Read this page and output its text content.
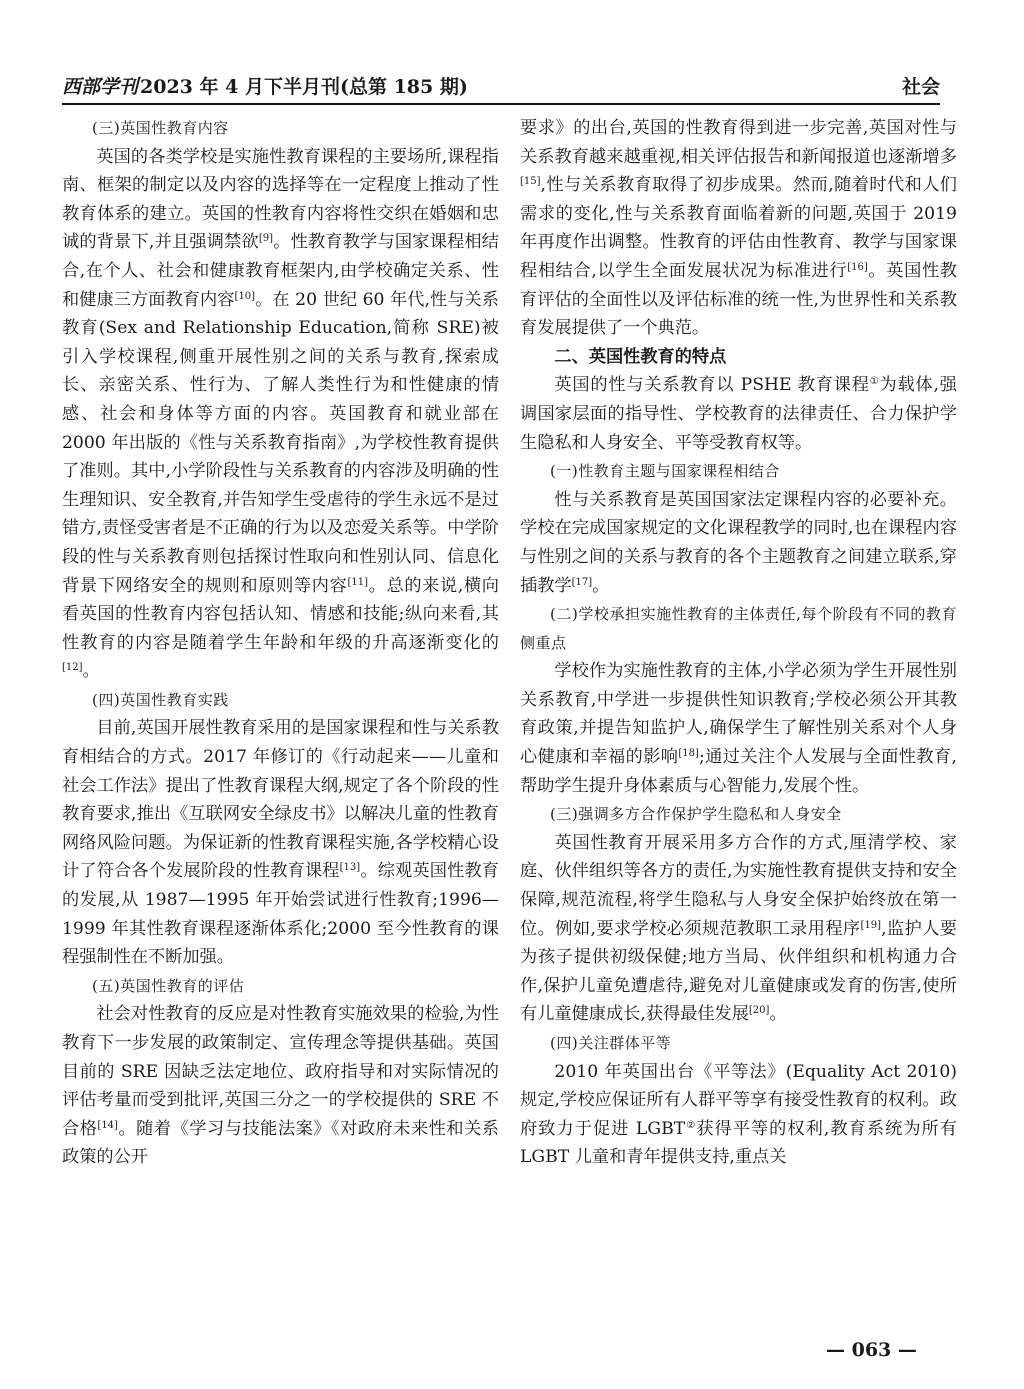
西部学刊 2023 年 4 月下半月刊(总第 185 期)	社会

(三)英国性教育内容

英国的各类学校是实施性教育课程的主要场所,课程指南、框架的制定以及内容的选择等在一定程度上推动了性教育体系的建立。英国的性教育内容将性交织在婚姻和忠诚的背景下,并且强调禁欲[9]。性教育教学与国家课程相结合,在个人、社会和健康教育框架内,由学校确定关系、性和健康三方面教育内容[10]。在 20 世纪 60 年代,性与关系教育(Sex and Relationship Education,简称 SRE)被引入学校课程,侧重开展性别之间的关系与教育,探索成长、亲密关系、性行为、了解人类性行为和性健康的情感、社会和身体等方面的内容。英国教育和就业部在 2000 年出版的《性与关系教育指南》,为学校性教育提供了准则。其中,小学阶段性与关系教育的内容涉及明确的性生理知识、安全教育,并告知学生受虐待的学生永远不是过错方,责怪受害者是不正确的行为以及恋爱关系等。中学阶段的性与关系教育则包括探讨性取向和性别认同、信息化背景下网络安全的规则和原则等内容[11]。总的来说,横向看英国的性教育内容包括认知、情感和技能;纵向来看,其性教育的内容是随着学生年龄和年级的升高逐渐变化的[12]。

(四)英国性教育实践

目前,英国开展性教育采用的是国家课程和性与关系教育相结合的方式。2017 年修订的《行动起来——儿童和社会工作法》提出了性教育课程大纲,规定了各个阶段的性教育要求,推出《互联网安全绿皮书》以解决儿童的性教育网络风险问题。为保证新的性教育课程实施,各学校精心设计了符合各个发展阶段的性教育课程[13]。综观英国性教育的发展,从 1987—1995 年开始尝试进行性教育;1996—1999 年其性教育课程逐渐体系化;2000 至今性教育的课程强制性在不断加强。

(五)英国性教育的评估

社会对性教育的反应是对性教育实施效果的检验,为性教育下一步发展的政策制定、宣传理念等提供基础。英国目前的 SRE 因缺乏法定地位、政府指导和对实际情况的评估考量而受到批评,英国三分之一的学校提供的 SRE 不合格[14]。随着《学习与技能法案》《对政府未来性和关系政策的公开

要求》的出台,英国的性教育得到进一步完善,英国对性与关系教育越来越重视,相关评估报告和新闻报道也逐渐增多[15],性与关系教育取得了初步成果。然而,随着时代和人们需求的变化,性与关系教育面临着新的问题,英国于 2019 年再度作出调整。性教育的评估由性教育、教学与国家课程相结合,以学生全面发展状况为标准进行[16]。英国性教育评估的全面性以及评估标准的统一性,为世界性和关系教育发展提供了一个典范。

二、英国性教育的特点

英国的性与关系教育以 PSHE 教育课程①为载体,强调国家层面的指导性、学校教育的法律责任、合力保护学生隐私和人身安全、平等受教育权等。

(一)性教育主题与国家课程相结合

性与关系教育是英国国家法定课程内容的必要补充。学校在完成国家规定的文化课程教学的同时,也在课程内容与性别之间的关系与教育的各个主题教育之间建立联系,穿插教学[17]。

(二)学校承担实施性教育的主体责任,每个阶段有不同的教育侧重点

学校作为实施性教育的主体,小学必须为学生开展性别关系教育,中学进一步提供性知识教育;学校必须公开其教育政策,并提告知监护人,确保学生了解性别关系对个人身心健康和幸福的影响[18];通过关注个人发展与全面性教育,帮助学生提升身体素质与心智能力,发展个性。

(三)强调多方合作保护学生隐私和人身安全

英国性教育开展采用多方合作的方式,厘清学校、家庭、伙伴组织等各方的责任,为实施性教育提供支持和安全保障,规范流程,将学生隐私与人身安全保护始终放在第一位。例如,要求学校必须规范教职工录用程序[19],监护人要为孩子提供初级保健;地方当局、伙伴组织和机构通力合作,保护儿童免遭虐待,避免对儿童健康或发育的伤害,使所有儿童健康成长,获得最佳发展[20]。

(四)关注群体平等

2010 年英国出台《平等法》(Equality Act 2010)规定,学校应保证所有人群平等享有接受性教育的权利。政府致力于促进 LGBT②获得平等的权利,教育系统为所有 LGBT 儿童和青年提供支持,重点关

— 063 —
